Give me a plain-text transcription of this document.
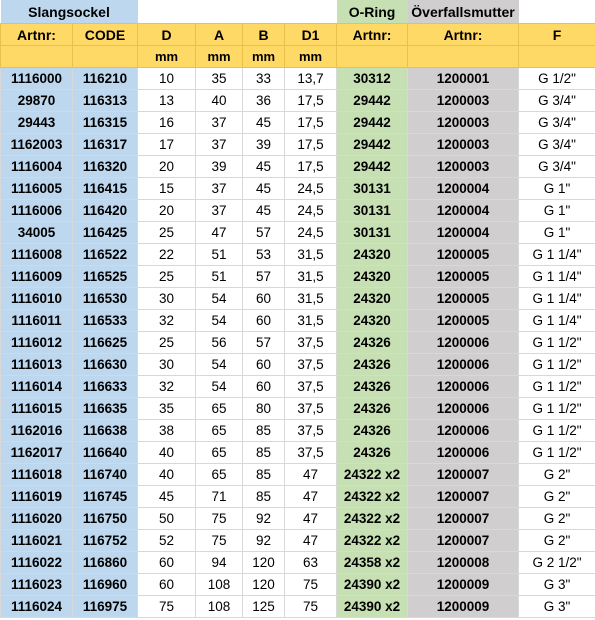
Slangsockel						O-Ring	Överfallsmutter	
Artnr:	CODE	D	A	B	D1	Artnr:	Artnr:	F
		mm	mm	mm	mm			
1116000	116210	10	35	33	13,7	30312	1200001	G 1/2"
29870	116313	13	40	36	17,5	29442	1200003	G 3/4"
29443	116315	16	37	45	17,5	29442	1200003	G 3/4"
1162003	116317	17	37	39	17,5	29442	1200003	G 3/4"
1116004	116320	20	39	45	17,5	29442	1200003	G 3/4"
1116005	116415	15	37	45	24,5	30131	1200004	G 1"
1116006	116420	20	37	45	24,5	30131	1200004	G 1"
34005	116425	25	47	57	24,5	30131	1200004	G 1"
1116008	116522	22	51	53	31,5	24320	1200005	G 1 1/4"
1116009	116525	25	51	57	31,5	24320	1200005	G 1 1/4"
1116010	116530	30	54	60	31,5	24320	1200005	G 1 1/4"
1116011	116533	32	54	60	31,5	24320	1200005	G 1 1/4"
1116012	116625	25	56	57	37,5	24326	1200006	G 1 1/2"
1116013	116630	30	54	60	37,5	24326	1200006	G 1 1/2"
1116014	116633	32	54	60	37,5	24326	1200006	G 1 1/2"
1116015	116635	35	65	80	37,5	24326	1200006	G 1 1/2"
1162016	116638	38	65	85	37,5	24326	1200006	G 1 1/2"
1162017	116640	40	65	85	37,5	24326	1200006	G 1 1/2"
1116018	116740	40	65	85	47	24322 x2	1200007	G 2"
1116019	116745	45	71	85	47	24322 x2	1200007	G 2"
1116020	116750	50	75	92	47	24322 x2	1200007	G 2"
1116021	116752	52	75	92	47	24322 x2	1200007	G 2"
1116022	116860	60	94	120	63	24358 x2	1200008	G 2 1/2"
1116023	116960	60	108	120	75	24390 x2	1200009	G 3"
1116024	116975	75	108	125	75	24390 x2	1200009	G 3"
